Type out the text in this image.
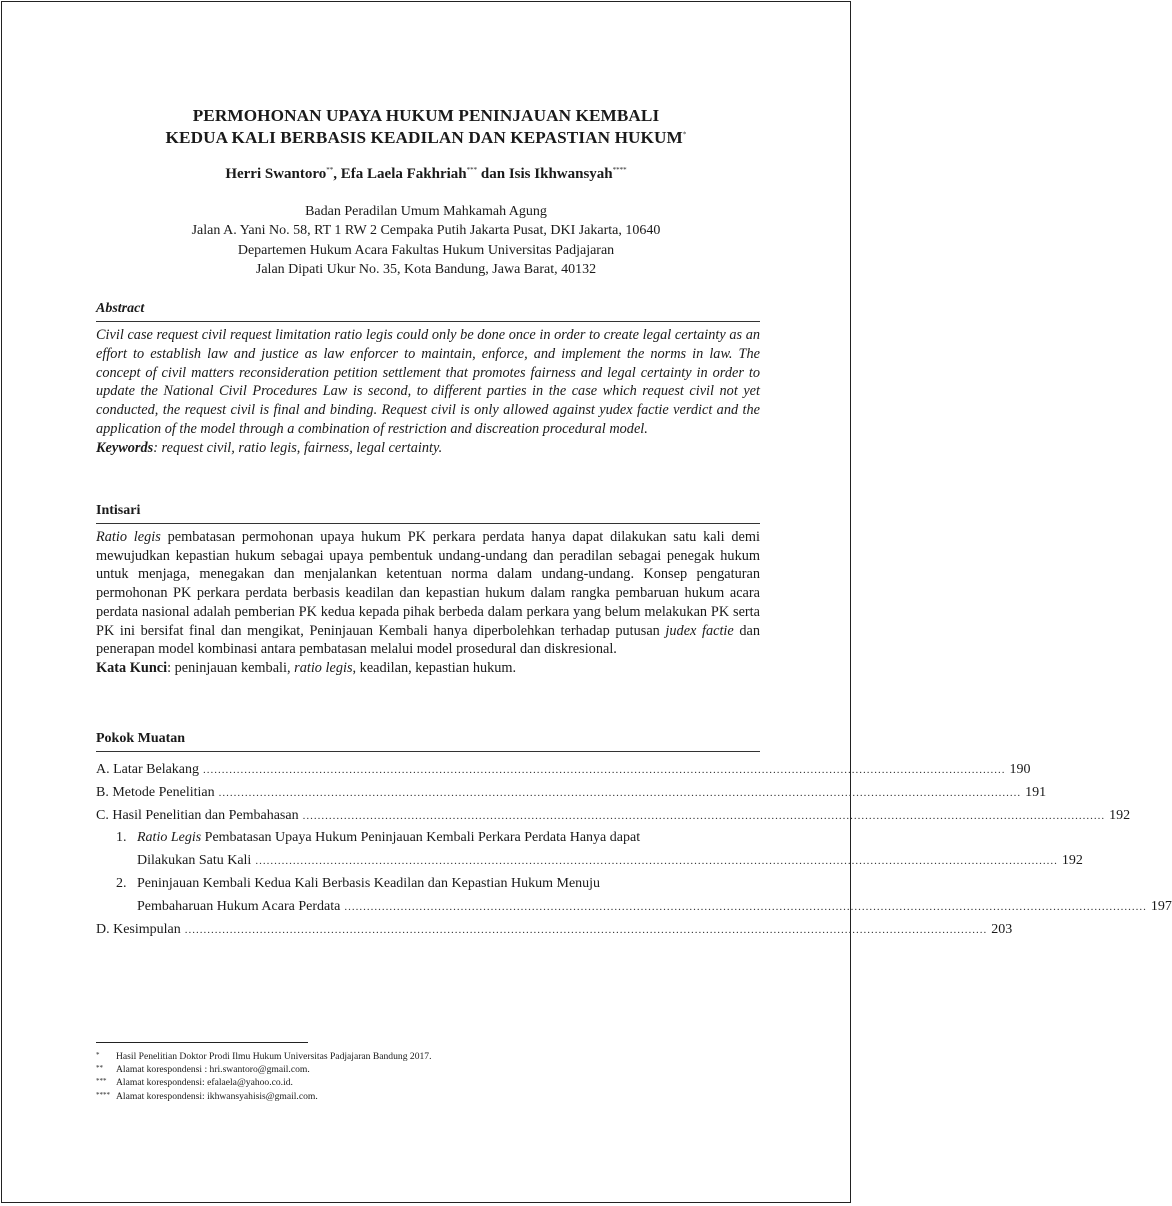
PERMOHONAN UPAYA HUKUM PENINJAUAN KEMBALI
KEDUA KALI BERBASIS KEADILAN DAN KEPASTIAN HUKUM*
Herri Swantoro**, Efa Laela Fakhriah*** dan Isis Ikhwansyah****
Badan Peradilan Umum Mahkamah Agung
Jalan A. Yani No. 58, RT 1 RW 2 Cempaka Putih Jakarta Pusat, DKI Jakarta, 10640
Departemen Hukum Acara Fakultas Hukum Universitas Padjajaran
Jalan Dipati Ukur No. 35, Kota Bandung, Jawa Barat, 40132
Abstract
Civil case request civil request limitation ratio legis could only be done once in order to create legal certainty as an effort to establish law and justice as law enforcer to maintain, enforce, and implement the norms in law. The concept of civil matters reconsideration petition settlement that promotes fairness and legal certainty in order to update the National Civil Procedures Law is second, to different parties in the case which request civil not yet conducted, the request civil is final and binding. Request civil is only allowed against yudex factie verdict and the application of the model through a combination of restriction and discreation procedural model.
Keywords: request civil, ratio legis, fairness, legal certainty.
Intisari
Ratio legis pembatasan permohonan upaya hukum PK perkara perdata hanya dapat dilakukan satu kali demi mewujudkan kepastian hukum sebagai upaya pembentuk undang-undang dan peradilan sebagai penegak hukum untuk menjaga, menegakan dan menjalankan ketentuan norma dalam undang-undang. Konsep pengaturan permohonan PK perkara perdata berbasis keadilan dan kepastian hukum dalam rangka pembaruan hukum acara perdata nasional adalah pemberian PK kedua kepada pihak berbeda dalam perkara yang belum melakukan PK serta PK ini bersifat final dan mengikat, Peninjauan Kembali hanya diperbolehkan terhadap putusan judex factie dan penerapan model kombinasi antara pembatasan melalui model prosedural dan diskresional.
Kata Kunci: peninjauan kembali, ratio legis, keadilan, kepastian hukum.
Pokok Muatan
A. Latar Belakang ...................................................................................................................................................................................................................... 190
B. Metode Penelitian ...................................................................................................................................................................................................................... 191
C. Hasil Penelitian dan Pembahasan ...................................................................................................................................................................................................................... 192
1. Ratio Legis Pembatasan Upaya Hukum Peninjauan Kembali Perkara Perdata Hanya dapat
Dilakukan Satu Kali ...................................................................................................................................................................................................................... 192
2. Peninjauan Kembali Kedua Kali Berbasis Keadilan dan Kepastian Hukum Menuju
Pembaharuan Hukum Acara Perdata ...................................................................................................................................................................................................................... 197
D. Kesimpulan ...................................................................................................................................................................................................................... 203
*	Hasil Penelitian Doktor Prodi Ilmu Hukum Universitas Padjajaran Bandung 2017.
**	Alamat korespondensi : hri.swantoro@gmail.com.
*** Alamat korespondensi: efalaela@yahoo.co.id.
**** Alamat korespondensi: ikhwansyahisis@gmail.com.
